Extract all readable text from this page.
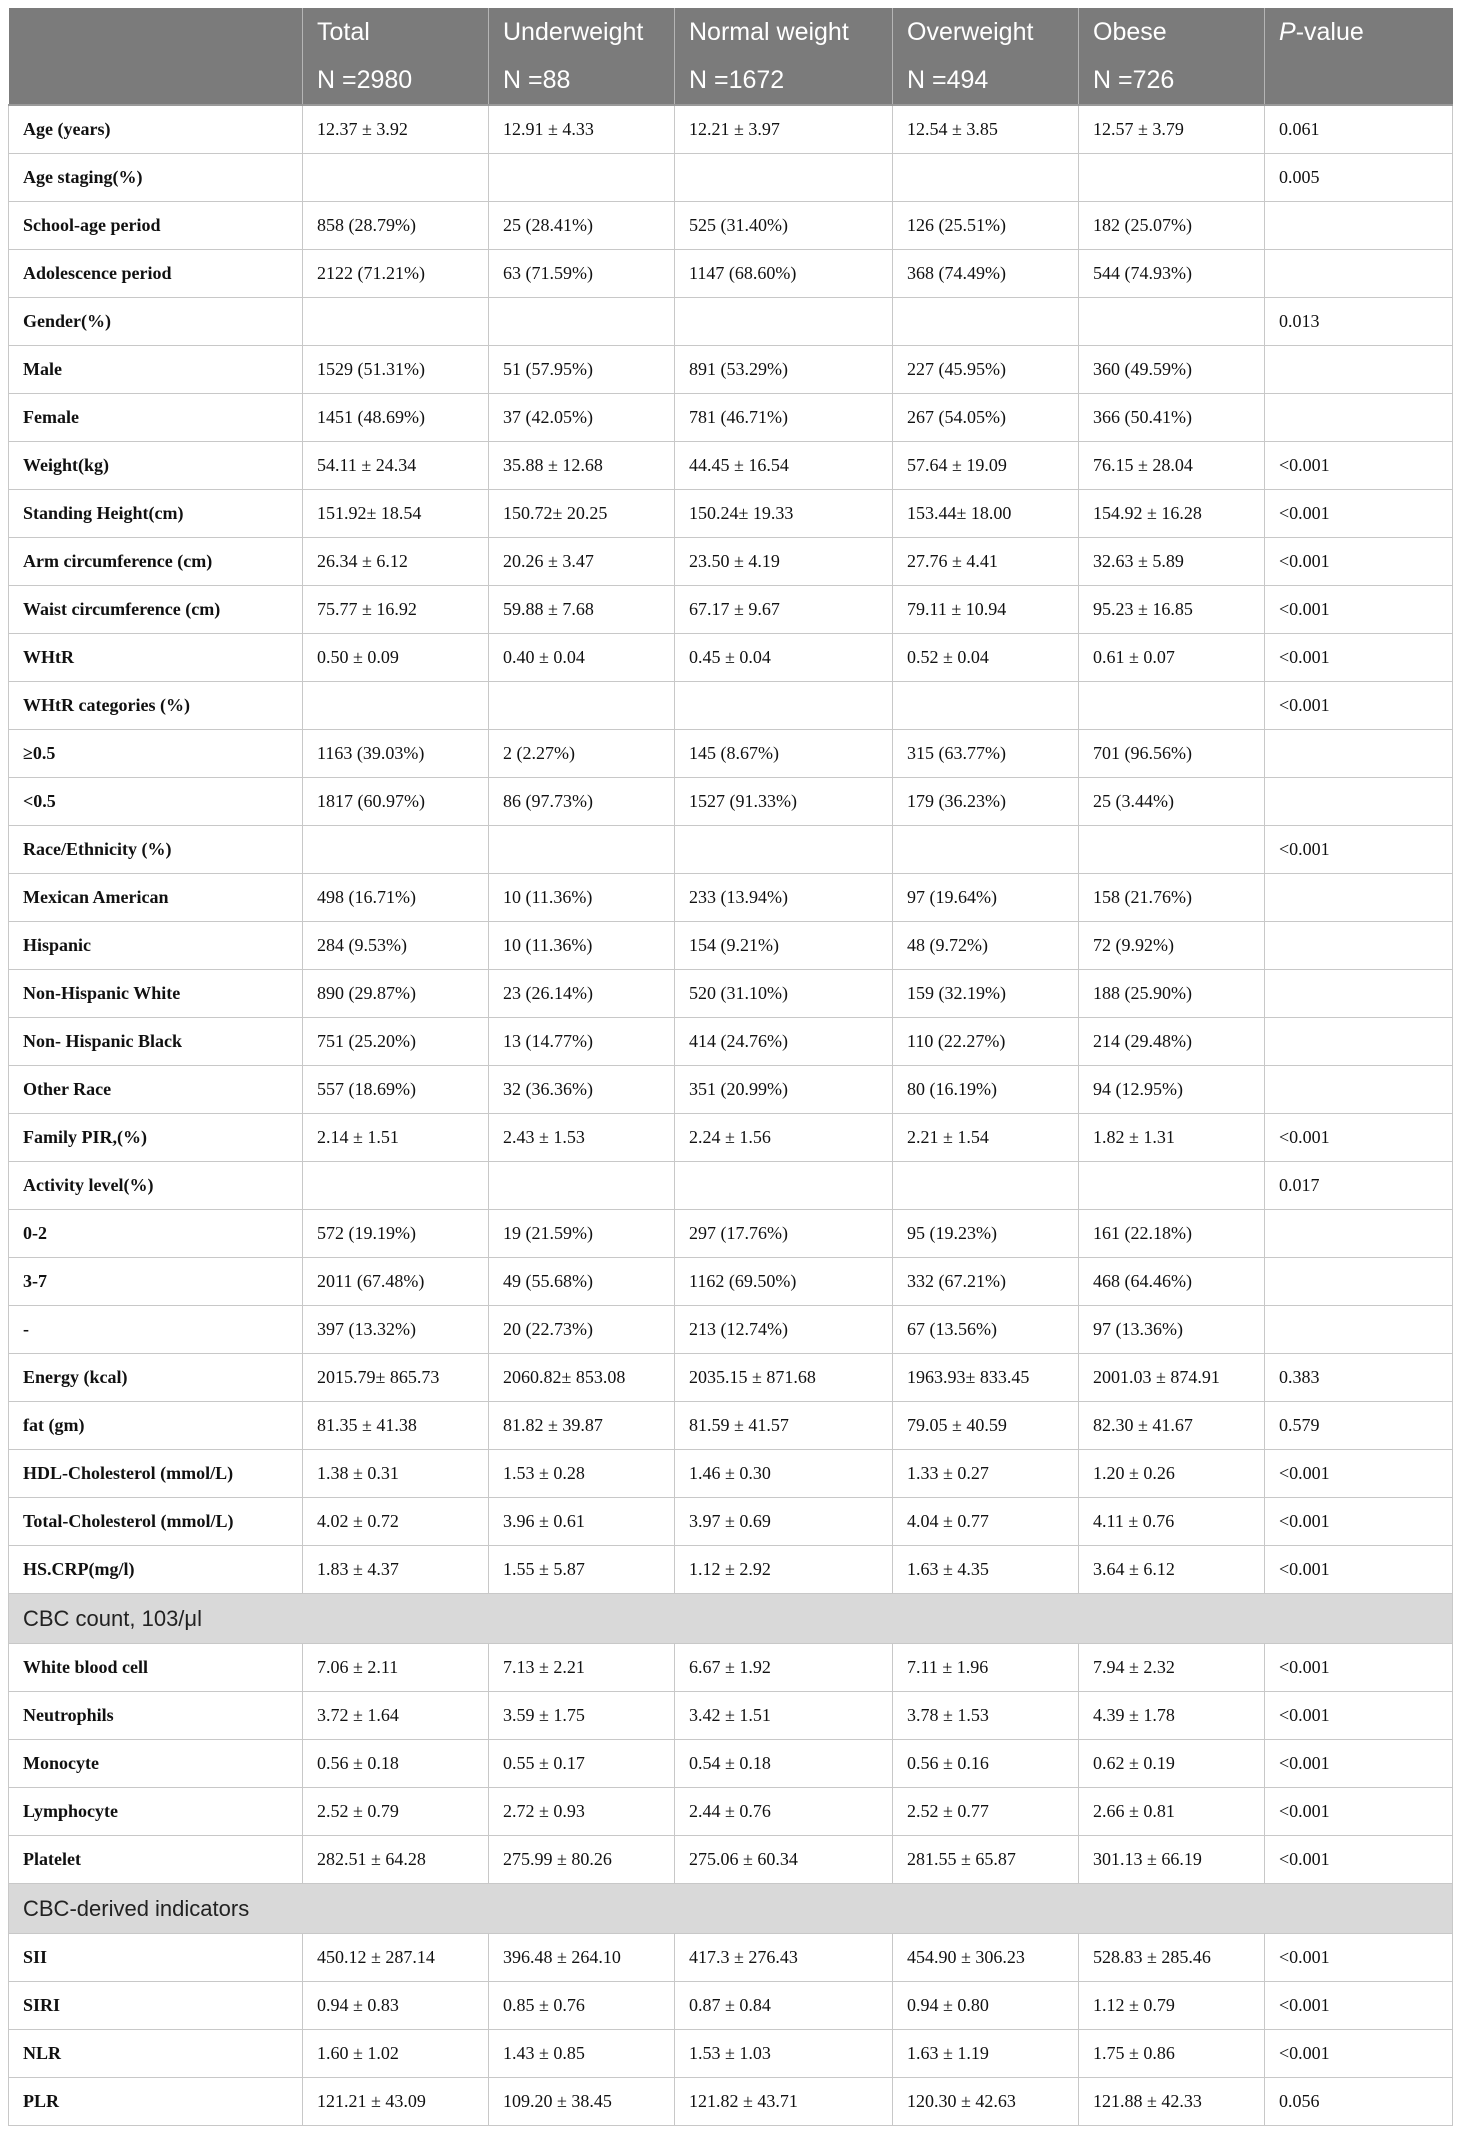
	Total	Underweight	Normal weight	Overweight	Obese	P-value
	N =2980	N =88	N =1672	N =494	N =726	
Age (years)	12.37 ± 3.92	12.91 ± 4.33	12.21 ± 3.97	12.54 ± 3.85	12.57 ± 3.79	0.061
Age staging(%)						0.005
School-age period	858 (28.79%)	25 (28.41%)	525 (31.40%)	126 (25.51%)	182 (25.07%)	
Adolescence period	2122 (71.21%)	63 (71.59%)	1147 (68.60%)	368 (74.49%)	544 (74.93%)	
Gender(%)						0.013
Male	1529 (51.31%)	51 (57.95%)	891 (53.29%)	227 (45.95%)	360 (49.59%)	
Female	1451 (48.69%)	37 (42.05%)	781 (46.71%)	267 (54.05%)	366 (50.41%)	
Weight(kg)	54.11 ± 24.34	35.88 ± 12.68	44.45 ± 16.54	57.64 ± 19.09	76.15 ± 28.04	<0.001
Standing Height(cm)	151.92± 18.54	150.72± 20.25	150.24± 19.33	153.44± 18.00	154.92 ± 16.28	<0.001
Arm circumference (cm)	26.34 ± 6.12	20.26 ± 3.47	23.50 ± 4.19	27.76 ± 4.41	32.63 ± 5.89	<0.001
Waist circumference (cm)	75.77 ± 16.92	59.88 ± 7.68	67.17 ± 9.67	79.11 ± 10.94	95.23 ± 16.85	<0.001
WHtR	0.50 ± 0.09	0.40 ± 0.04	0.45 ± 0.04	0.52 ± 0.04	0.61 ± 0.07	<0.001
WHtR categories (%)						<0.001
≥0.5	1163 (39.03%)	2 (2.27%)	145 (8.67%)	315 (63.77%)	701 (96.56%)	
<0.5	1817 (60.97%)	86 (97.73%)	1527 (91.33%)	179 (36.23%)	25 (3.44%)	
Race/Ethnicity (%)						<0.001
Mexican American	498 (16.71%)	10 (11.36%)	233 (13.94%)	97 (19.64%)	158 (21.76%)	
Hispanic	284 (9.53%)	10 (11.36%)	154 (9.21%)	48 (9.72%)	72 (9.92%)	
Non-Hispanic White	890 (29.87%)	23 (26.14%)	520 (31.10%)	159 (32.19%)	188 (25.90%)	
Non- Hispanic Black	751 (25.20%)	13 (14.77%)	414 (24.76%)	110 (22.27%)	214 (29.48%)	
Other Race	557 (18.69%)	32 (36.36%)	351 (20.99%)	80 (16.19%)	94 (12.95%)	
Family PIR,(%)	2.14 ± 1.51	2.43 ± 1.53	2.24 ± 1.56	2.21 ± 1.54	1.82 ± 1.31	<0.001
Activity level(%)						0.017
0-2	572 (19.19%)	19 (21.59%)	297 (17.76%)	95 (19.23%)	161 (22.18%)	
3-7	2011 (67.48%)	49 (55.68%)	1162 (69.50%)	332 (67.21%)	468 (64.46%)	
-	397 (13.32%)	20 (22.73%)	213 (12.74%)	67 (13.56%)	97 (13.36%)	
Energy (kcal)	2015.79± 865.73	2060.82± 853.08	2035.15 ± 871.68	1963.93± 833.45	2001.03 ± 874.91	0.383
fat (gm)	81.35 ± 41.38	81.82 ± 39.87	81.59 ± 41.57	79.05 ± 40.59	82.30 ± 41.67	0.579
HDL-Cholesterol (mmol/L)	1.38 ± 0.31	1.53 ± 0.28	1.46 ± 0.30	1.33 ± 0.27	1.20 ± 0.26	<0.001
Total-Cholesterol (mmol/L)	4.02 ± 0.72	3.96 ± 0.61	3.97 ± 0.69	4.04 ± 0.77	4.11 ± 0.76	<0.001
HS.CRP(mg/l)	1.83 ± 4.37	1.55 ± 5.87	1.12 ± 2.92	1.63 ± 4.35	3.64 ± 6.12	<0.001
CBC count, 103/μl						
White blood cell	7.06 ± 2.11	7.13 ± 2.21	6.67 ± 1.92	7.11 ± 1.96	7.94 ± 2.32	<0.001
Neutrophils	3.72 ± 1.64	3.59 ± 1.75	3.42 ± 1.51	3.78 ± 1.53	4.39 ± 1.78	<0.001
Monocyte	0.56 ± 0.18	0.55 ± 0.17	0.54 ± 0.18	0.56 ± 0.16	0.62 ± 0.19	<0.001
Lymphocyte	2.52 ± 0.79	2.72 ± 0.93	2.44 ± 0.76	2.52 ± 0.77	2.66 ± 0.81	<0.001
Platelet	282.51 ± 64.28	275.99 ± 80.26	275.06 ± 60.34	281.55 ± 65.87	301.13 ± 66.19	<0.001
CBC-derived indicators						
SII	450.12 ± 287.14	396.48 ± 264.10	417.3 ± 276.43	454.90 ± 306.23	528.83 ± 285.46	<0.001
SIRI	0.94 ± 0.83	0.85 ± 0.76	0.87 ± 0.84	0.94 ± 0.80	1.12 ± 0.79	<0.001
NLR	1.60 ± 1.02	1.43 ± 0.85	1.53 ± 1.03	1.63 ± 1.19	1.75 ± 0.86	<0.001
PLR	121.21 ± 43.09	109.20 ± 38.45	121.82 ± 43.71	120.30 ± 42.63	121.88 ± 42.33	0.056
